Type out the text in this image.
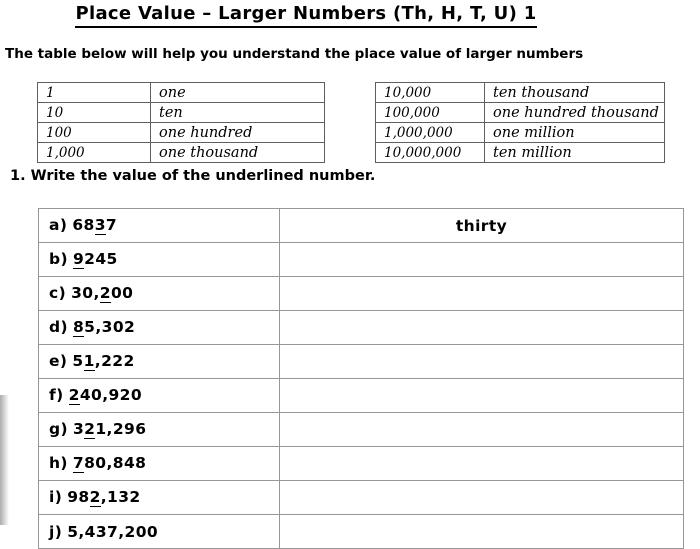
Place Value – Larger Numbers (Th, H, T, U) 1
The table below will help you understand the place value of larger numbers
1	one
10	ten
100	one hundred
1,000	one thousand
10,000	ten thousand
100,000	one hundred thousand
1,000,000	one million
10,000,000	ten million
1. Write the value of the underlined number.
a) 6837	thirty
b) 9245	
c) 30,200	
d) 85,302	
e) 51,222	
f) 240,920	
g) 321,296	
h) 780,848	
i) 982,132	
j) 5,437,200	
